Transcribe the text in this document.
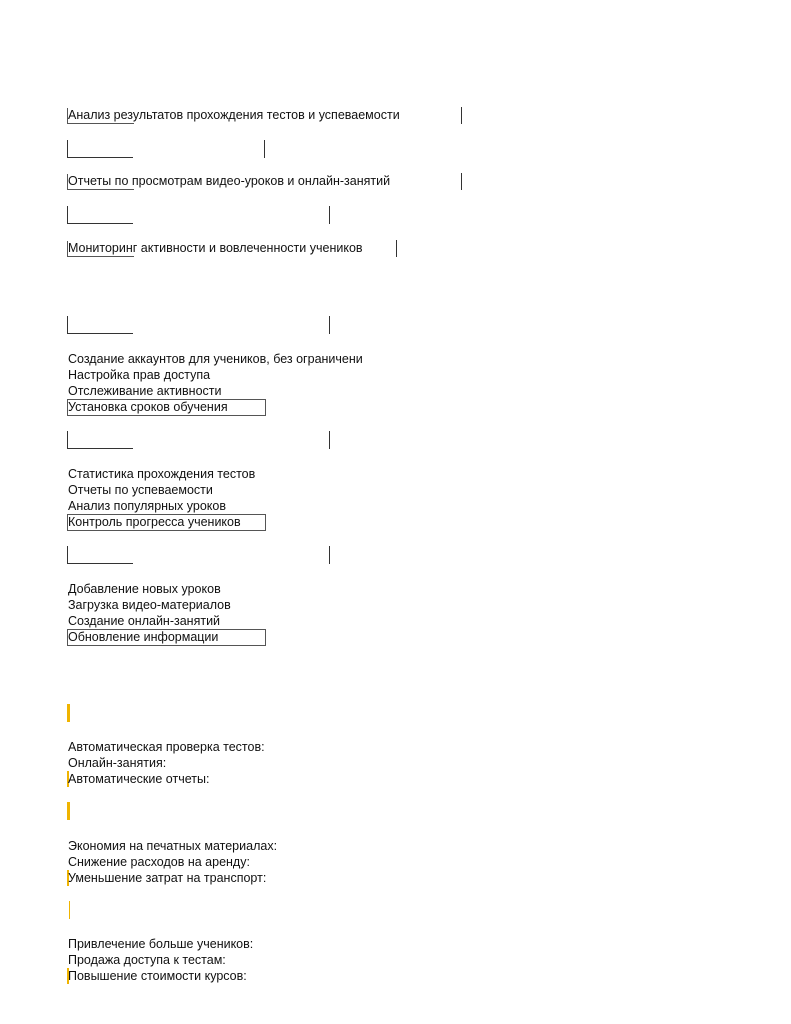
Анализ результатов прохождения тестов и успеваемости
Отчеты по просмотрам видео-уроков и онлайн-занятий
Мониторинг активности и вовлеченности учеников
Создание аккаунтов для учеников, без ограничени
Настройка прав доступа
Отслеживание активности
Установка сроков обучения
Статистика прохождения тестов
Отчеты по успеваемости
Анализ популярных уроков
Контроль прогресса учеников
Добавление новых уроков
Загрузка видео-материалов
Создание онлайн-занятий
Обновление информации
Автоматическая проверка тестов:
Онлайн-занятия:
Автоматические отчеты:
Экономия на печатных материалах:
Снижение расходов на аренду:
Уменьшение затрат на транспорт:
Привлечение больше учеников:
Продажа доступа к тестам:
Повышение стоимости курсов:
